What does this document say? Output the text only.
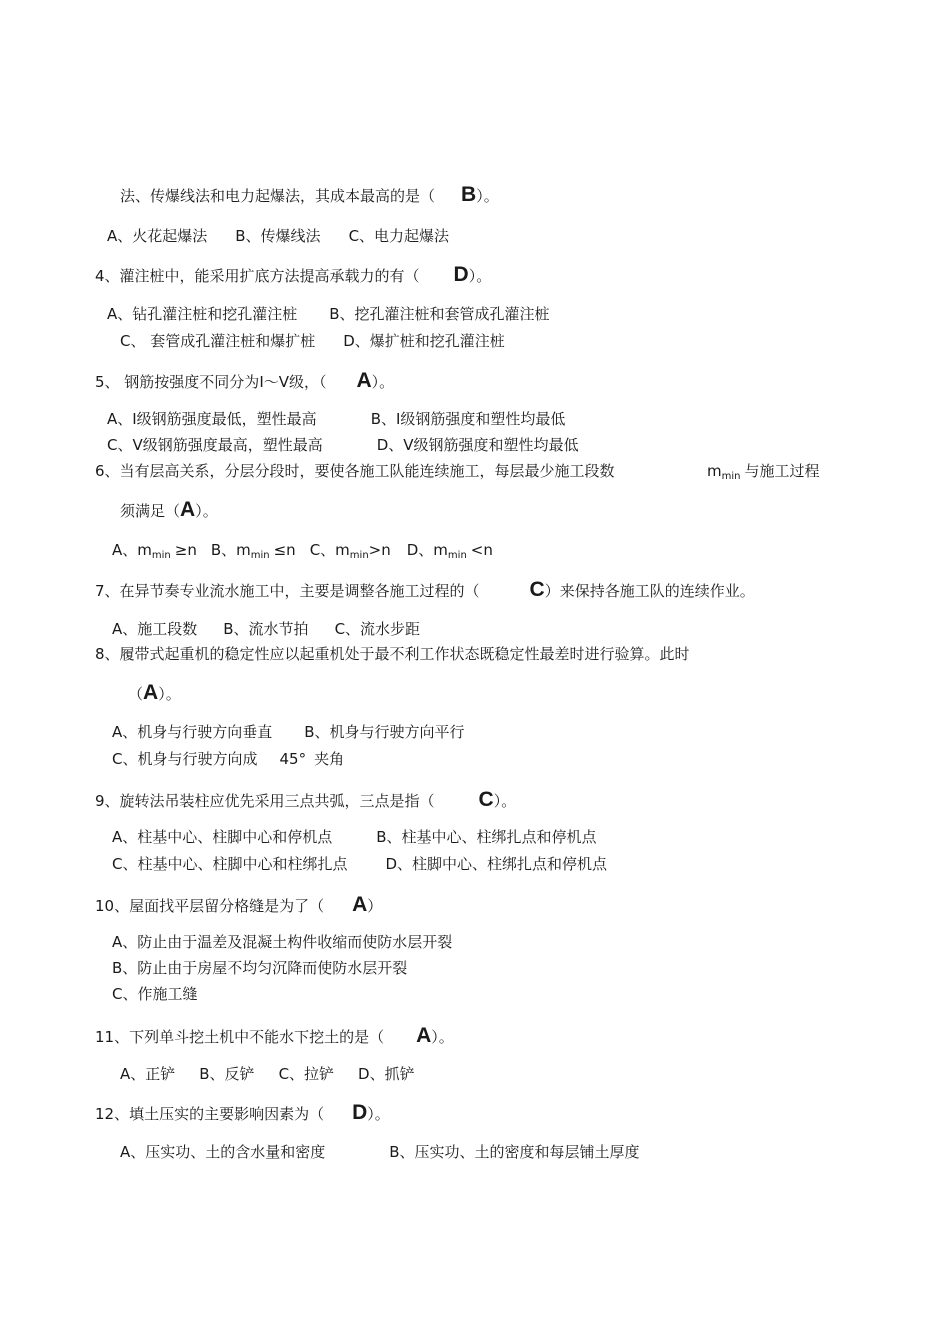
法、传爆线法和电力起爆法，其成本最高的是（ B）。
A、火花起爆法 B、传爆线法 C、电力起爆法
4、灌注桩中，能采用扩底方法提高承载力的有（ D）。
A、钻孔灌注桩和挖孔灌注桩 B、挖孔灌注桩和套管成孔灌注桩
C、 套管成孔灌注桩和爆扩桩 D、爆扩桩和挖孔灌注桩
5、 钢筋按强度不同分为Ⅰ～Ⅴ级，（ A）。
A、Ⅰ级钢筋强度最低，塑性最高	B、Ⅰ级钢筋强度和塑性均最低
C、Ⅴ级钢筋强度最高，塑性最高	D、Ⅴ级钢筋强度和塑性均最低
6、当有层高关系，分层分段时，要使各施工队能连续施工，每层最少施工段数	$m_{min}$ 与施工过程
须满足（A）。
A、$m_{min} \ge n$ B、$m_{min} \le n$ C、$m_{min}>n$ D、$m_{min} <n$
7、在异节奏专业流水施工中，主要是调整各施工过程的（ C）来保持各施工队的连续作业。
A、施工段数 B、流水节拍 C、流水步距
8、履带式起重机的稳定性应以起重机处于最不利工作状态既稳定性最差时进行验算。此时
（A）。
A、机身与行驶方向垂直 B、机身与行驶方向平行
C、机身与行驶方向成 45° 夹角
9、旋转法吊装柱应优先采用三点共弧，三点是指（ C）。
A、柱基中心、柱脚中心和停机点	B、柱基中心、柱绑扎点和停机点
C、柱基中心、柱脚中心和柱绑扎点	D、柱脚中心、柱绑扎点和停机点
10、屋面找平层留分格缝是为了（ A）
A、防止由于温差及混凝土构件收缩而使防水层开裂
B、防止由于房屋不均匀沉降而使防水层开裂
C、作施工缝
11、下列单斗挖土机中不能水下挖土的是（ A）。
A、正铲 B、反铲 C、拉铲 D、抓铲
12、填土压实的主要影响因素为（ D）。
A、压实功、土的含水量和密度	B、压实功、土的密度和每层铺土厚度
